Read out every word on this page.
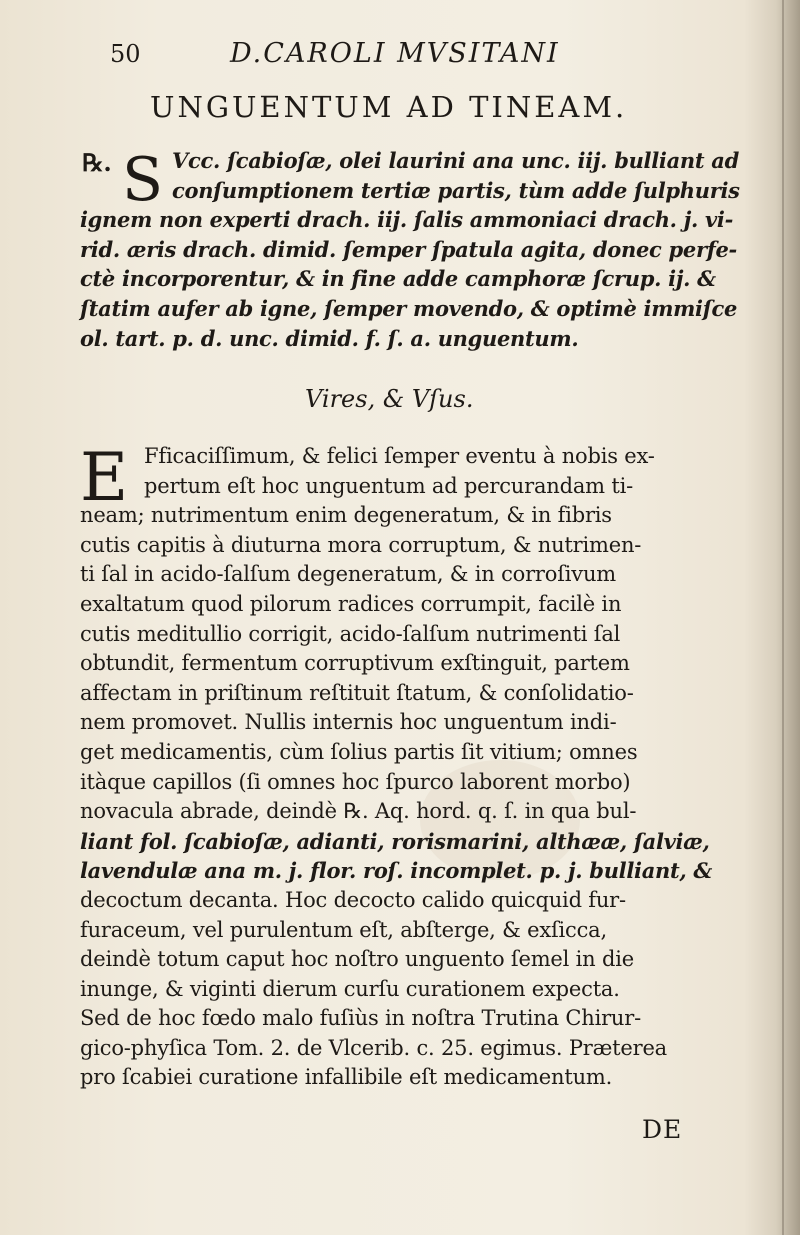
50	D.CAROLI MVSITANI
UNGUENTUM AD TINEAM.
℞. S Vcc. ſcabioſæ, olei laurini ana unc. iij. bulliant ad
conſumptionem tertiæ partis, tùm adde ſulphuris
ignem non experti drach. iij. ſalis ammoniaci drach. j. vi-
rid. æris drach. dimid. ſemper ſpatula agita, donec perfe-
ctè incorporentur, & in fine adde camphoræ ſcrup. ij. &
ſtatim aufer ab igne, ſemper movendo, & optimè immiſce
ol. tart. p. d. unc. dimid. f. ſ. a. unguentum.
Vires, & Vſus.
E Fficaciſſimum, & felici ſemper eventu à nobis ex-
pertum eſt hoc unguentum ad percurandam ti-
neam; nutrimentum enim degeneratum, & in fibris
cutis capitis à diuturna mora corruptum, & nutrimen-
ti ſal in acido-ſalſum degeneratum, & in corroſivum
exaltatum quod pilorum radices corrumpit, facilè in
cutis meditullio corrigit, acido-ſalſum nutrimenti ſal
obtundit, fermentum corruptivum exſtinguit, partem
affectam in priſtinum reſtituit ſtatum, & conſolidatio-
nem promovet. Nullis internis hoc unguentum indi-
get medicamentis, cùm ſolius partis ſit vitium; omnes
itàque capillos (ſi omnes hoc ſpurco laborent morbo)
novacula abrade, deindè ℞. Aq. hord. q. ſ. in qua bul-
liant fol. ſcabioſæ, adianti, rorismarini, althææ, ſalviæ,
lavendulæ ana m. j. flor. roſ. incomplet. p. j. bulliant, &
decoctum decanta. Hoc decocto calido quicquid fur-
furaceum, vel purulentum eſt, abſterge, & exſicca,
deindè totum caput hoc noſtro unguento ſemel in die
inunge, & viginti dierum curſu curationem expecta.
Sed de hoc fœdo malo fuſiùs in noſtra Trutina Chirur-
gico-phyſica Tom. 2. de Vlcerib. c. 25. egimus. Præterea
pro ſcabiei curatione infallibile eſt medicamentum.
DE
